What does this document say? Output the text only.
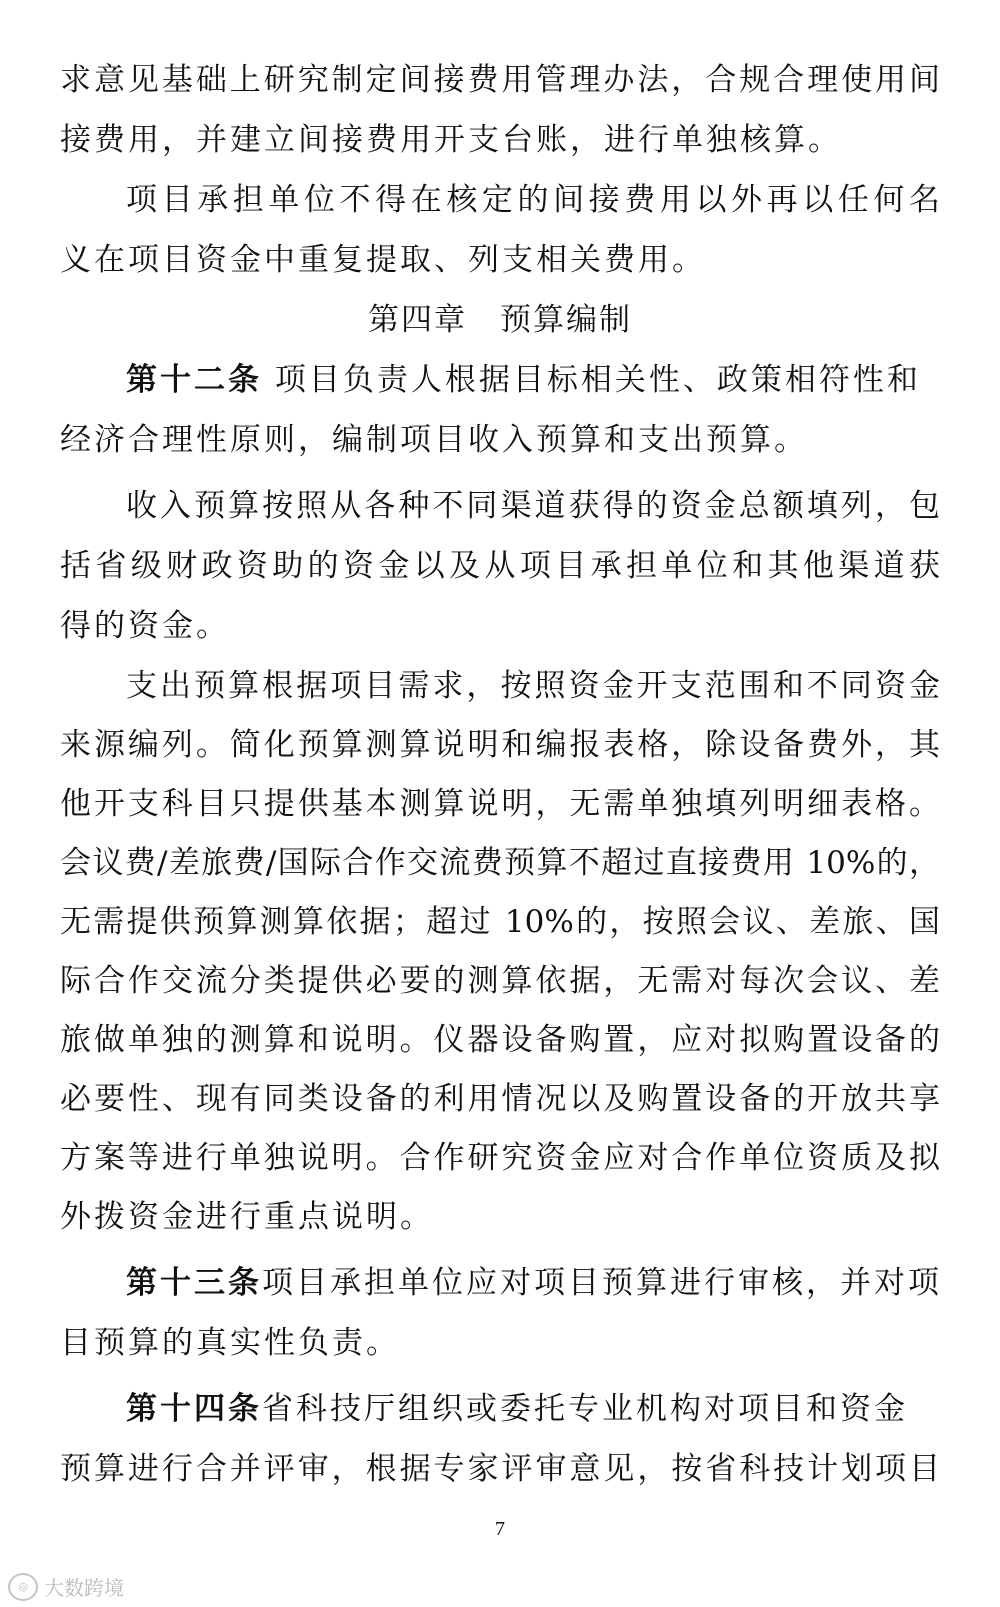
求意见基础上研究制定间接费用管理办法，合规合理使用间
接费用，并建立间接费用开支台账，进行单独核算。
项目承担单位不得在核定的间接费用以外再以任何名
义在项目资金中重复提取、列支相关费用。
第四章　预算编制
第十二条 项目负责人根据目标相关性、政策相符性和
经济合理性原则，编制项目收入预算和支出预算。
收入预算按照从各种不同渠道获得的资金总额填列，包
括省级财政资助的资金以及从项目承担单位和其他渠道获
得的资金。
支出预算根据项目需求，按照资金开支范围和不同资金
来源编列。简化预算测算说明和编报表格，除设备费外，其
他开支科目只提供基本测算说明，无需单独填列明细表格。
会议费/差旅费/国际合作交流费预算不超过直接费用 10%的，
无需提供预算测算依据；超过 10%的，按照会议、差旅、国
际合作交流分类提供必要的测算依据，无需对每次会议、差
旅做单独的测算和说明。仪器设备购置，应对拟购置设备的
必要性、现有同类设备的利用情况以及购置设备的开放共享
方案等进行单独说明。合作研究资金应对合作单位资质及拟
外拨资金进行重点说明。
第十三条项目承担单位应对项目预算进行审核，并对项
目预算的真实性负责。
第十四条省科技厅组织或委托专业机构对项目和资金
预算进行合并评审，根据专家评审意见，按省科技计划项目
7
◎ 大数跨境
